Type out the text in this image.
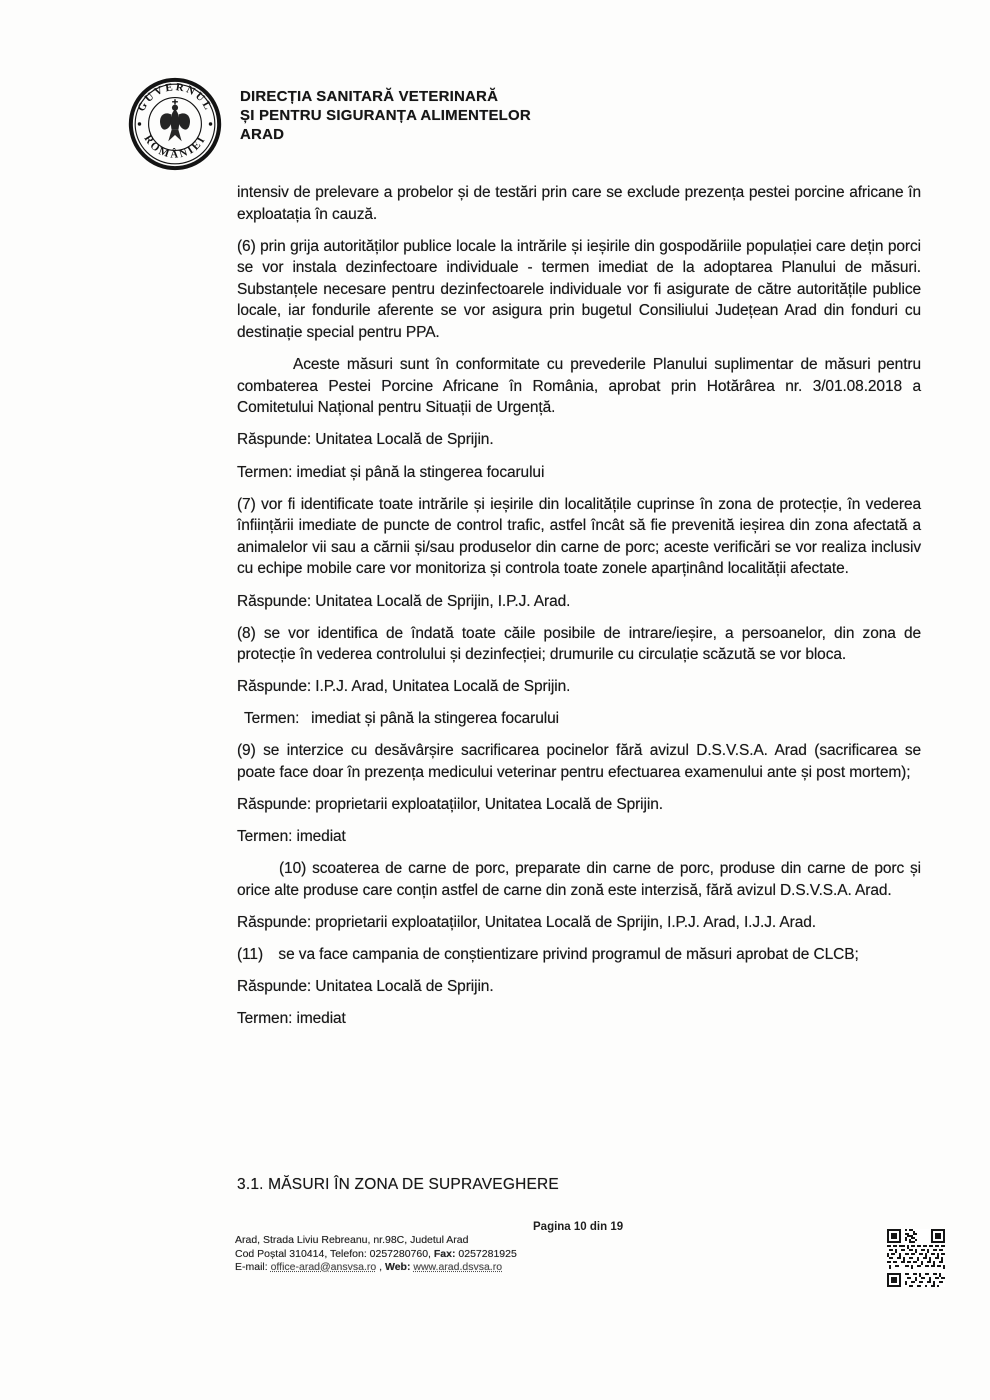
GUVERNUL
ROMÂNIEI
DIRECȚIA SANITARĂ VETERINARĂ
ȘI PENTRU SIGURANȚA ALIMENTELOR
ARAD

intensiv de prelevare a probelor și de testări prin care se exclude prezența pestei porcine africane în exploatația în cauză.

(6) prin grija autorităților publice locale la intrările și ieșirile din gospodăriile populației care dețin porci se vor instala dezinfectoare individuale - termen imediat de la adoptarea Planului de măsuri. Substanțele necesare pentru dezinfectoarele individuale vor fi asigurate de către autoritățile publice locale, iar fondurile aferente se vor asigura prin bugetul Consiliului Județean Arad din fonduri cu destinație special pentru PPA.

Aceste măsuri sunt în conformitate cu prevederile Planului suplimentar de măsuri pentru combaterea Pestei Porcine Africane în România, aprobat prin Hotărârea nr. 3/01.08.2018 a Comitetului Național pentru Situații de Urgență.

Răspunde: Unitatea Locală de Sprijin.

Termen: imediat și până la stingerea focarului

(7) vor fi identificate toate intrările și ieșirile din localitățile cuprinse în zona de protecție, în vederea înființării imediate de puncte de control trafic, astfel încât să fie prevenită ieșirea din zona afectată a animalelor vii sau a cărnii și/sau produselor din carne de porc; aceste verificări se vor realiza inclusiv cu echipe mobile care vor monitoriza și controla toate zonele aparținând localității afectate.

Răspunde: Unitatea Locală de Sprijin, I.P.J. Arad.

(8) se vor identifica de îndată toate căile posibile de intrare/ieșire, a persoanelor, din zona de protecție în vederea controlului și dezinfecției; drumurile cu circulație scăzută se vor bloca.

Răspunde: I.P.J. Arad, Unitatea Locală de Sprijin.

Termen:  imediat și până la stingerea focarului

(9) se interzice cu desăvârșire sacrificarea pocinelor fără avizul D.S.V.S.A. Arad (sacrificarea se poate face doar în prezența medicului veterinar pentru efectuarea examenului ante și post mortem);

Răspunde: proprietarii exploatațiilor, Unitatea Locală de Sprijin.

Termen: imediat

(10) scoaterea de carne de porc, preparate din carne de porc, produse din carne de porc și orice alte produse care conțin astfel de carne din zonă este interzisă, fără avizul D.S.V.S.A. Arad.

Răspunde: proprietarii exploatațiilor, Unitatea Locală de Sprijin, I.P.J. Arad, I.J.J. Arad.

(11) se va face campania de conștientizare privind programul de măsuri aprobat de CLCB;

Răspunde: Unitatea Locală de Sprijin.

Termen: imediat

3.1. MĂSURI ÎN ZONA DE SUPRAVEGHERE
Pagina 10 din 19
Arad, Strada Liviu Rebreanu, nr.98C, Judetul Arad
Cod Poștal 310414, Telefon: 0257280760, Fax: 0257281925
E-mail: office-arad@ansvsa.ro , Web: www.arad.dsvsa.ro
